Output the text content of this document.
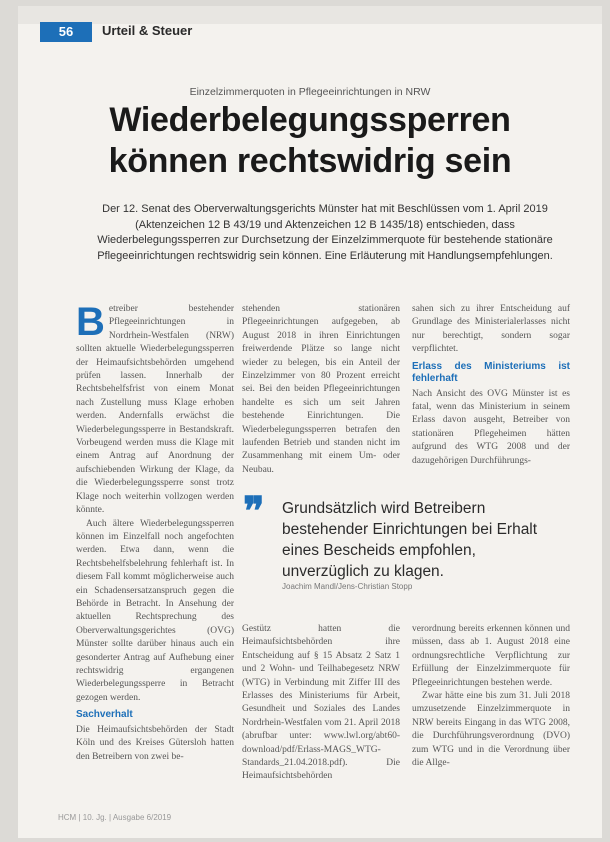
56	Urteil & Steuer
Einzelzimmerquoten in Pflegeeinrichtungen in NRW
Wiederbelegungssperren
können rechtswidrig sein
Der 12. Senat des Oberverwaltungsgerichts Münster hat mit Beschlüssen vom 1. April 2019 (Aktenzeichen 12 B 43/19 und Aktenzeichen 12 B 1435/18) entschieden, dass Wiederbelegungssperren zur Durchsetzung der Einzelzimmerquote für bestehende stationäre Pflegeeinrichtungen rechtswidrig sein können. Eine Erläuterung mit Handlungsempfehlungen.

Betreiber bestehender Pflegeeinrichtungen in Nordrhein-Westfalen (NRW) sollten aktuelle Wiederbelegungssperren der Heimaufsichtsbehörden umgehend prüfen lassen. Innerhalb der Rechtsbehelfsfrist von einem Monat nach Zustellung muss Klage erhoben werden. Andernfalls erwächst die Wiederbelegungssperre in Bestandskraft. Vorbeugend werden muss die Klage mit einem Antrag auf Anordnung der aufschiebenden Wirkung der Klage, da die Wiederbelegungssperre sonst trotz Klage noch weiterhin vollzogen werden könnte.

Auch ältere Wiederbelegungssperren können im Einzelfall noch angefochten werden. Etwa dann, wenn die Rechtsbehelfsbelehrung fehlerhaft ist. In diesem Fall kommt möglicherweise auch ein Schadensersatzanspruch gegen die Behörde in Betracht. In Ansehung der aktuellen Rechtsprechung des Oberverwaltungsgerichtes (OVG) Münster sollte darüber hinaus auch ein gesonderter Antrag auf Aufhebung einer rechtswidrig ergangenen Wiederbelegungssperre in Betracht gezogen werden.

Sachverhalt

Die Heimaufsichtsbehörden der Stadt Köln und des Kreises Gütersloh hatten den Betreibern von zwei be-

stehenden stationären Pflegeeinrichtungen aufgegeben, ab August 2018 in ihren Einrichtungen freiwerdende Plätze so lange nicht wieder zu belegen, bis ein Anteil der Einzelzimmer von 80 Prozent erreicht sei. Bei den beiden Pflegeeinrichtungen handelte es sich um seit Jahren bestehende Einrichtungen. Die Wiederbelegungssperren betrafen den laufenden Betrieb und standen nicht im Zusammenhang mit einem Um- oder Neubau.

sahen sich zu ihrer Entscheidung auf Grundlage des Ministerialerlasses nicht nur berechtigt, sondern sogar verpflichtet.

Erlass des Ministeriums ist fehlerhaft

Nach Ansicht des OVG Münster ist es fatal, wenn das Ministerium in seinem Erlass davon ausgeht, Betreiber von stationären Pflegeheimen hätten aufgrund des WTG 2008 und der dazugehörigen Durchführungs-

❞ Grundsätzlich wird Betreibern bestehender Einrichtungen bei Erhalt eines Bescheids empfohlen, unverzüglich zu klagen.
Joachim Mandl/Jens-Christian Stopp

Gestütz hatten die Heimaufsichtsbehörden ihre Entscheidung auf § 15 Absatz 2 Satz 1 und 2 Wohn- und Teilhabegesetz NRW (WTG) in Verbindung mit Ziffer III des Erlasses des Ministeriums für Arbeit, Gesundheit und Soziales des Landes Nordrhein-Westfalen vom 21. April 2018 (abrufbar unter: www.lwl.org/abt60-download/pdf/Erlass-MAGS_WTG-Standards_21.04.2018.pdf). Die Heimaufsichtsbehörden

verordnung bereits erkennen können und müssen, dass ab 1. August 2018 eine ordnungsrechtliche Verpflichtung zur Erfüllung der Einzelzimmerquote für Pflegeeinrichtungen bestehen werde.

Zwar hätte eine bis zum 31. Juli 2018 umzusetzende Einzelzimmerquote in NRW bereits Eingang in das WTG 2008, die Durchführungsverordnung (DVO) zum WTG und in die Verordnung über die Allge-

HCM | 10. Jg. | Ausgabe 6/2019
